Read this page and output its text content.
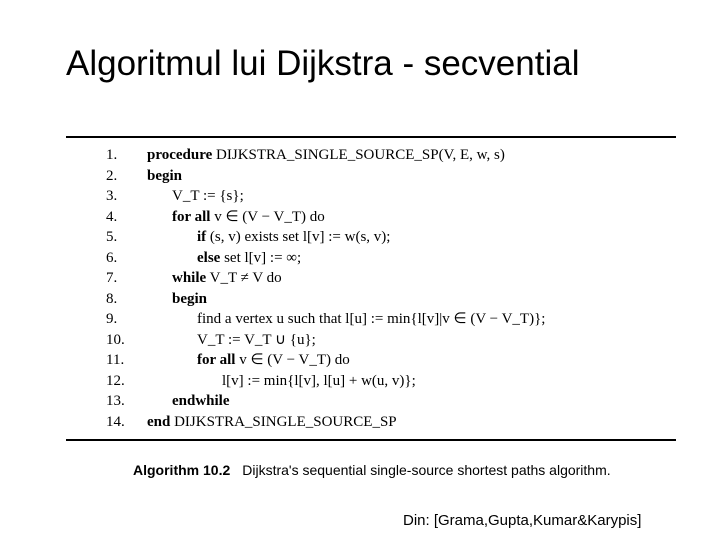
Algoritmul lui Dijkstra - secvential
1. procedure DIJKSTRA_SINGLE_SOURCE_SP(V, E, w, s)
2. begin
3.	V_T := {s};
4.	for all v ∈ (V − V_T) do
5.	if (s, v) exists set l[v] := w(s, v);
6.	else set l[v] := ∞;
7.	while V_T ≠ V do
8.	begin
9.	find a vertex u such that l[u] := min{l[v]|v ∈ (V − V_T)};
10.	V_T := V_T ∪ {u};
11.	for all v ∈ (V − V_T) do
12.	l[v] := min{l[v], l[u] + w(u, v)};
13.	endwhile
14. end DIJKSTRA_SINGLE_SOURCE_SP
Algorithm 10.2 Dijkstra's sequential single-source shortest paths algorithm.
Din: [Grama,Gupta,Kumar&Karypis]
